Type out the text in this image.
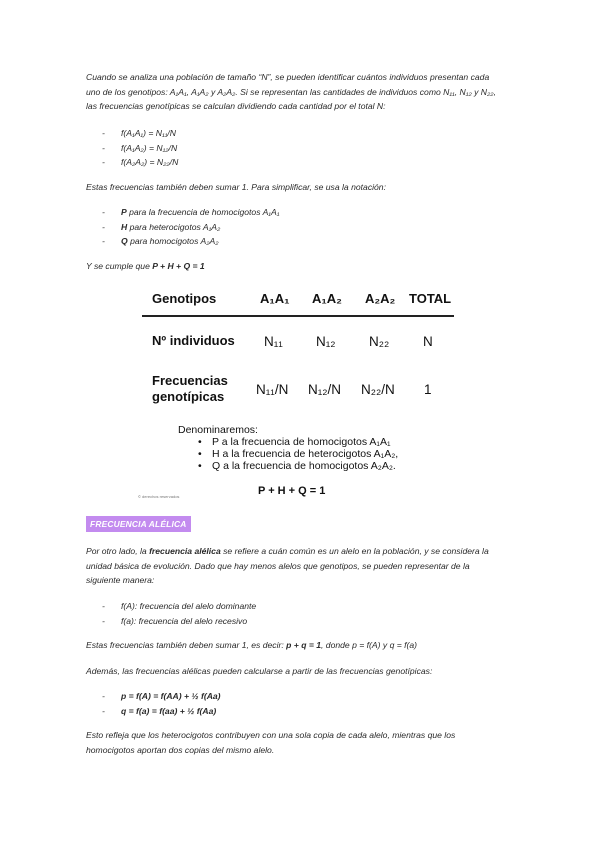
Cuando se analiza una población de tamaño “N”, se pueden identificar cuántos individuos presentan cada
uno de los genotipos: A₁A₁, A₁A₂ y A₂A₂. Si se representan las cantidades de individuos como N₁₁, N₁₂ y N₂₂,
las frecuencias genotípicas se calculan dividiendo cada cantidad por el total N:
- f(A₁A₁) = N₁₁/N
- f(A₁A₂) = N₁₂/N
- f(A₂A₂) = N₂₂/N
Estas frecuencias también deben sumar 1. Para simplificar, se usa la notación:
- P para la frecuencia de homocigotos A₁A₁
- H para heterocigotos A₁A₂
- Q para homocigotos A₂A₂
Y se cumple que P + H + Q = 1
Genotipos	A₁A₁ A₁A₂ A₂A₂ TOTAL
Nº individuos N₁₁ N₁₂ N₂₂	N
Frecuencias
genotípicas N₁₁/N N₁₂/N N₂₂/N 1
Denominaremos:
• P a la frecuencia de homocigotos A₁A₁
• H a la frecuencia de heterocigotos A₁A₂,
• Q a la frecuencia de homocigotos A₂A₂.
P + H + Q = 1
© derechos reservados
FRECUENCIA ALÉLICA
Por otro lado, la frecuencia alélica se refiere a cuán común es un alelo en la población, y se considera la
unidad básica de evolución. Dado que hay menos alelos que genotipos, se pueden representar de la
siguiente manera:
- f(A): frecuencia del alelo dominante
- f(a): frecuencia del alelo recesivo
Estas frecuencias también deben sumar 1, es decir: p + q = 1, donde p = f(A) y q = f(a)
Además, las frecuencias alélicas pueden calcularse a partir de las frecuencias genotípicas:
- p = f(A) = f(AA) + ½ f(Aa)
- q = f(a) = f(aa) + ½ f(Aa)
Esto refleja que los heterocigotos contribuyen con una sola copia de cada alelo, mientras que los
homocigotos aportan dos copias del mismo alelo.
